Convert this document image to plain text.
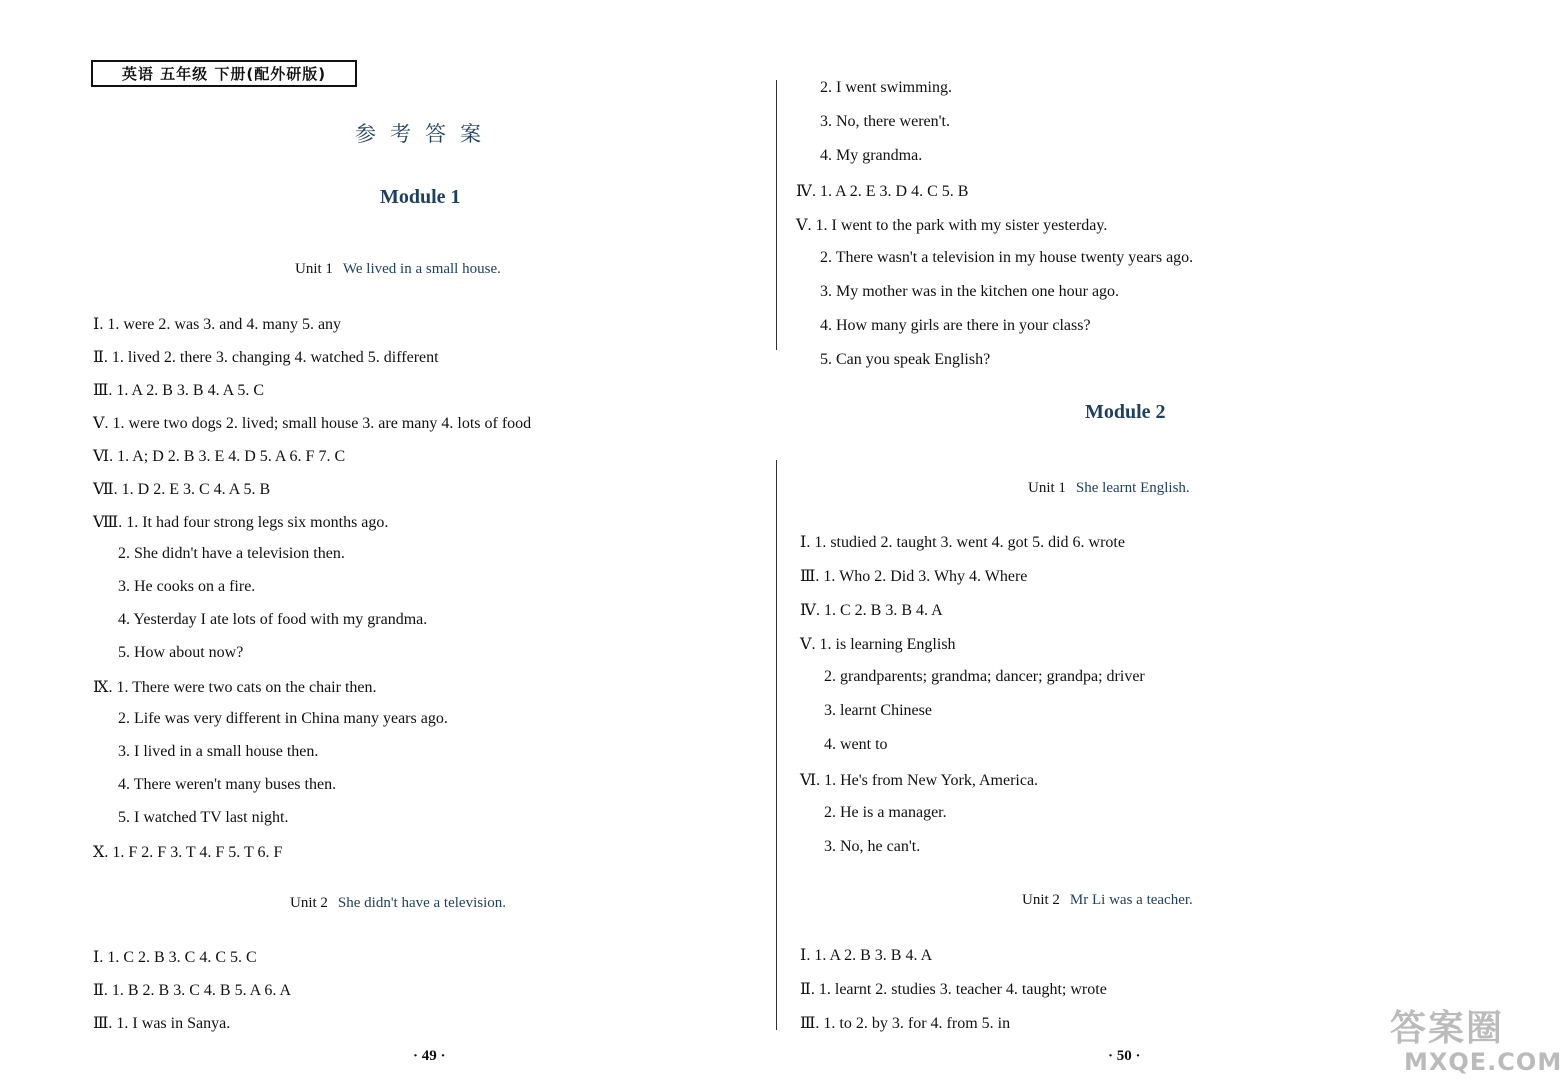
英语 五年级 下册(配外研版)
参考答案
Module 1
Unit 1 We lived in a small house.
Ⅰ. 1. were 2. was 3. and 4. many 5. any
Ⅱ. 1. lived 2. there 3. changing 4. watched 5. different
Ⅲ. 1. A 2. B 3. B 4. A 5. C
Ⅴ. 1. were two dogs 2. lived; small house 3. are many 4. lots of food
Ⅵ. 1. A; D 2. B 3. E 4. D 5. A 6. F 7. C
Ⅶ. 1. D 2. E 3. C 4. A 5. B
Ⅷ. 1. It had four strong legs six months ago.
2. She didn't have a television then.
3. He cooks on a fire.
4. Yesterday I ate lots of food with my grandma.
5. How about now?
Ⅸ. 1. There were two cats on the chair then.
2. Life was very different in China many years ago.
3. I lived in a small house then.
4. There weren't many buses then.
5. I watched TV last night.
Ⅹ. 1. F 2. F 3. T 4. F 5. T 6. F
Unit 2 She didn't have a television.
Ⅰ. 1. C 2. B 3. C 4. C 5. C
Ⅱ. 1. B 2. B 3. C 4. B 5. A 6. A
Ⅲ. 1. I was in Sanya.
· 49 ·
2. I went swimming.
3. No, there weren't.
4. My grandma.
Ⅳ. 1. A 2. E 3. D 4. C 5. B
Ⅴ. 1. I went to the park with my sister yesterday.
2. There wasn't a television in my house twenty years ago.
3. My mother was in the kitchen one hour ago.
4. How many girls are there in your class?
5. Can you speak English?
Module 2
Unit 1 She learnt English.
Ⅰ. 1. studied 2. taught 3. went 4. got 5. did 6. wrote
Ⅲ. 1. Who 2. Did 3. Why 4. Where
Ⅳ. 1. C 2. B 3. B 4. A
Ⅴ. 1. is learning English
2. grandparents; grandma; dancer; grandpa; driver
3. learnt Chinese
4. went to
Ⅵ. 1. He's from New York, America.
2. He is a manager.
3. No, he can't.
Unit 2 Mr Li was a teacher.
Ⅰ. 1. A 2. B 3. B 4. A
Ⅱ. 1. learnt 2. studies 3. teacher 4. taught; wrote
Ⅲ. 1. to 2. by 3. for 4. from 5. in
· 50 ·
答案圈
MXQE.COM
